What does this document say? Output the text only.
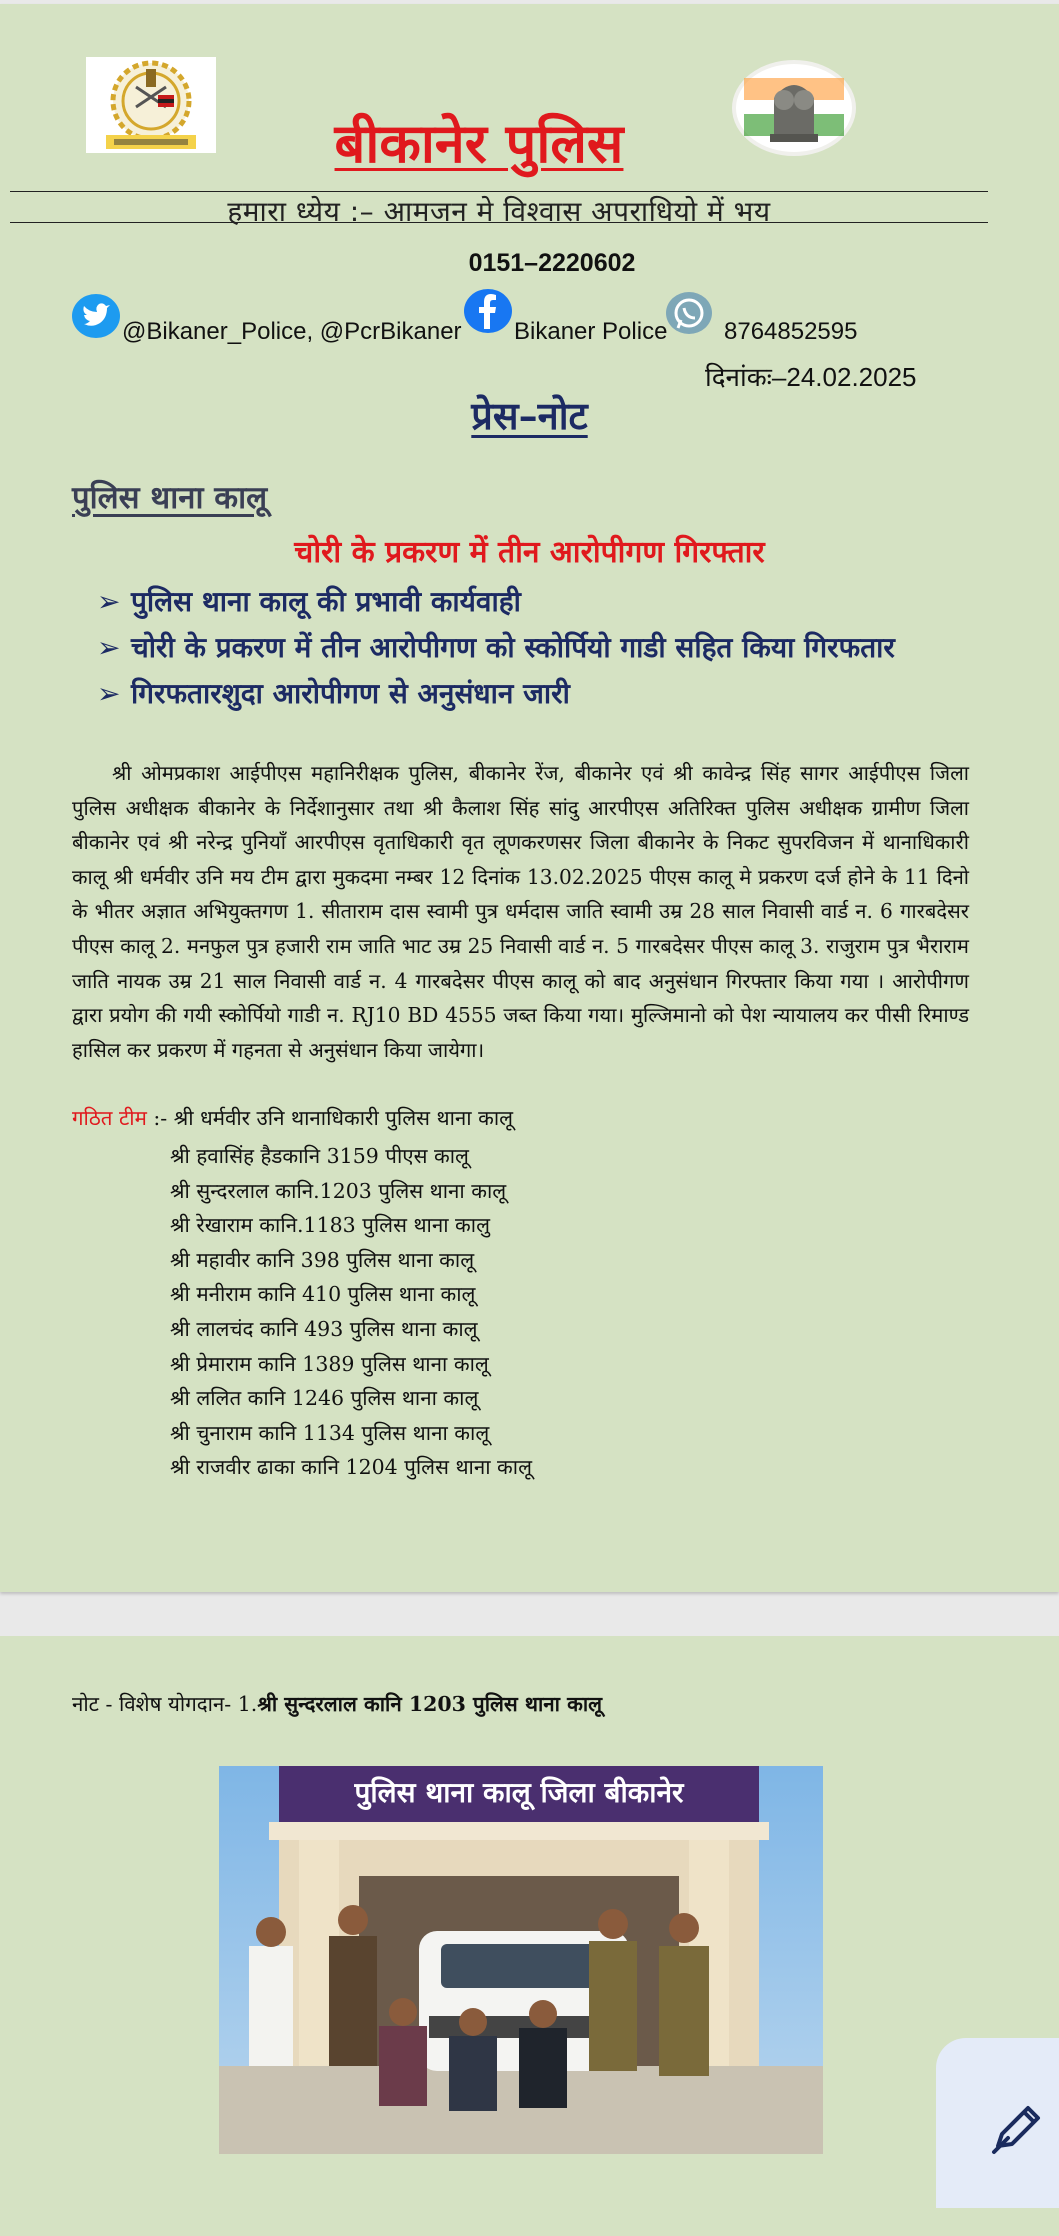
बीकानेर पुलिस
हमारा ध्येय :– आमजन मे विश्वास अपराधियो में भय
0151–2220602
@Bikaner_Police, @PcrBikaner Bikaner Police 8764852595
दिनांकः–24.02.2025
प्रेस–नोट
पुलिस थाना कालू
चोरी के प्रकरण में तीन आरोपीगण गिरफ्तार
➢ पुलिस थाना कालू की प्रभावी कार्यवाही
➢ चोरी के प्रकरण में तीन आरोपीगण को स्कोर्पियो गाडी सहित किया गिरफतार
➢ गिरफतारशुदा आरोपीगण से अनुसंधान जारी
श्री ओमप्रकाश आईपीएस महानिरीक्षक पुलिस, बीकानेर रेंज, बीकानेर एवं श्री कावेन्द्र सिंह सागर आईपीएस जिला पुलिस अधीक्षक बीकानेर के निर्देशानुसार तथा श्री कैलाश सिंह सांदु आरपीएस अतिरिक्त पुलिस अधीक्षक ग्रामीण जिला बीकानेर एवं श्री नरेन्द्र पुनियाँ आरपीएस वृताधिकारी वृत लूणकरणसर जिला बीकानेर के निकट सुपरविजन में थानाधिकारी कालू श्री धर्मवीर उनि मय टीम द्वारा मुकदमा नम्बर 12 दिनांक 13.02.2025 पीएस कालू मे प्रकरण दर्ज होने के 11 दिनो के भीतर अज्ञात अभियुक्तगण 1. सीताराम दास स्वामी पुत्र धर्मदास जाति स्वामी उम्र 28 साल निवासी वार्ड न. 6 गारबदेसर पीएस कालू 2. मनफुल पुत्र हजारी राम जाति भाट उम्र 25 निवासी वार्ड न. 5 गारबदेसर पीएस कालू 3. राजुराम पुत्र भैराराम जाति नायक उम्र 21 साल निवासी वार्ड न. 4 गारबदेसर पीएस कालू को बाद अनुसंधान गिरफ्तार किया गया । आरोपीगण द्वारा प्रयोग की गयी स्कोर्पियो गाडी न. RJ10 BD 4555 जब्त किया गया। मुल्जिमानो को पेश न्यायालय कर पीसी रिमाण्ड हासिल कर प्रकरण में गहनता से अनुसंधान किया जायेगा।
गठित टीम :- श्री धर्मवीर उनि थानाधिकारी पुलिस थाना कालू
श्री हवासिंह हैडकानि 3159 पीएस कालू
श्री सुन्दरलाल कानि.1203 पुलिस थाना कालू
श्री रेखाराम कानि.1183 पुलिस थाना कालु
श्री महावीर कानि 398 पुलिस थाना कालू
श्री मनीराम कानि 410 पुलिस थाना कालू
श्री लालचंद कानि 493 पुलिस थाना कालू
श्री प्रेमाराम कानि 1389 पुलिस थाना कालू
श्री ललित कानि 1246 पुलिस थाना कालू
श्री चुनाराम कानि 1134 पुलिस थाना कालू
श्री राजवीर ढाका कानि 1204 पुलिस थाना कालू
नोट - विशेष योगदान- 1.श्री सुन्दरलाल कानि 1203 पुलिस थाना कालू
पुलिस थाना कालू जिला बीकानेर
